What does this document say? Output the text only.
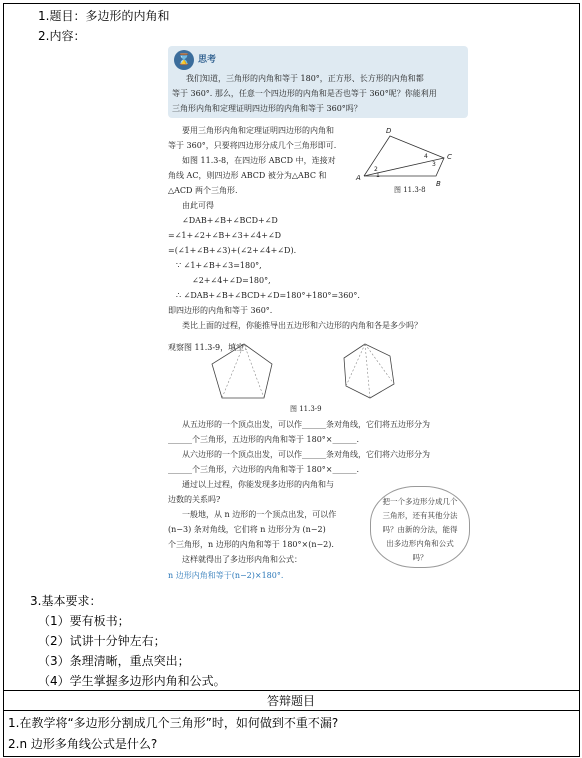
1.题目：多边形的内角和
2.内容：
⌛ 思考
我们知道，三角形的内角和等于 180°，正方形、长方形的内角和都
等于 360°. 那么，任意一个四边形的内角和是否也等于 360°呢？你能利用
三角形内角和定理证明四边形的内角和等于 360°吗？
要用三角形内角和定理证明四边形的内角和
等于 360°，只要将四边形分成几个三角形即可.
如图 11.3-8，在四边形 ABCD 中，连接对
角线 AC，则四边形 ABCD 被分为△ABC 和
△ACD 两个三角形.
由此可得
∠DAB+∠B+∠BCD+∠D
=∠1+∠2+∠B+∠3+∠4+∠D
=(∠1+∠B+∠3)+(∠2+∠4+∠D).
∵ ∠1+∠B+∠3=180°,
∠2+∠4+∠D=180°,
∴ ∠DAB+∠B+∠BCD+∠D=180°+180°=360°.
即四边形的内角和等于 360°.
类比上面的过程，你能推导出五边形和六边形的内角和各是多少吗？
观察图 11.3-9，填空：
A
B
C
D
2
1
4
3
图 11.3-8
图 11.3-9
从五边形的一个顶点出发，可以作______条对角线，它们将五边形分为
______个三角形，五边形的内角和等于 180°×______.
从六边形的一个顶点出发，可以作______条对角线，它们将六边形分为
______个三角形，六边形的内角和等于 180°×______.
通过以上过程，你能发现多边形的内角和与
边数的关系吗?
一般地，从 n 边形的一个顶点出发，可以作
(n−3) 条对角线，它们将 n 边形分为 (n−2)
个三角形，n 边形的内角和等于 180°×(n−2).
这样就得出了多边形内角和公式：
n 边形内角和等于(n−2)×180°.
把一个多边形分成几个三角形，还有其他分法吗？由新的分法，能得出多边形内角和公式吗？
3.基本要求：
（1）要有板书；
（2）试讲十分钟左右；
（3）条理清晰，重点突出；
（4）学生掌握多边形内角和公式。
答辩题目
1.在教学将“多边形分割成几个三角形”时，如何做到不重不漏?
2.n 边形多角线公式是什么?
